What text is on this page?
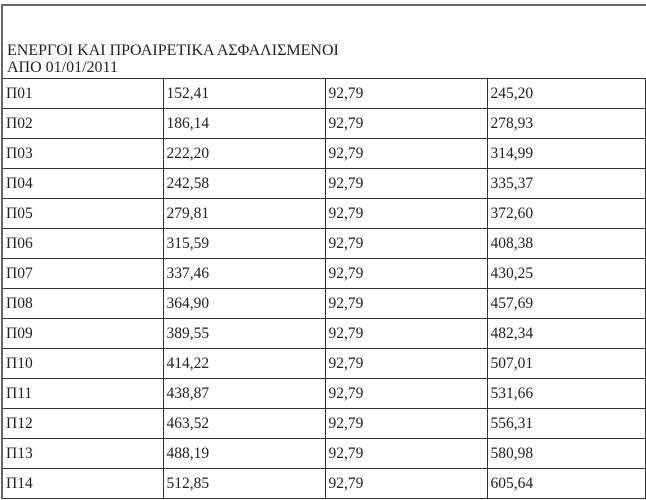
ΕΝΕΡΓΟΙ ΚΑΙ ΠΡΟΑΙΡΕΤΙΚΑ ΑΣΦΑΛΙΣΜΕΝΟΙ
ΑΠΟ 01/01/2011
Π01	152,41	92,79	245,20
Π02	186,14	92,79	278,93
Π03	222,20	92,79	314,99
Π04	242,58	92,79	335,37
Π05	279,81	92,79	372,60
Π06	315,59	92,79	408,38
Π07	337,46	92,79	430,25
Π08	364,90	92,79	457,69
Π09	389,55	92,79	482,34
Π10	414,22	92,79	507,01
Π11	438,87	92,79	531,66
Π12	463,52	92,79	556,31
Π13	488,19	92,79	580,98
Π14	512,85	92,79	605,64
